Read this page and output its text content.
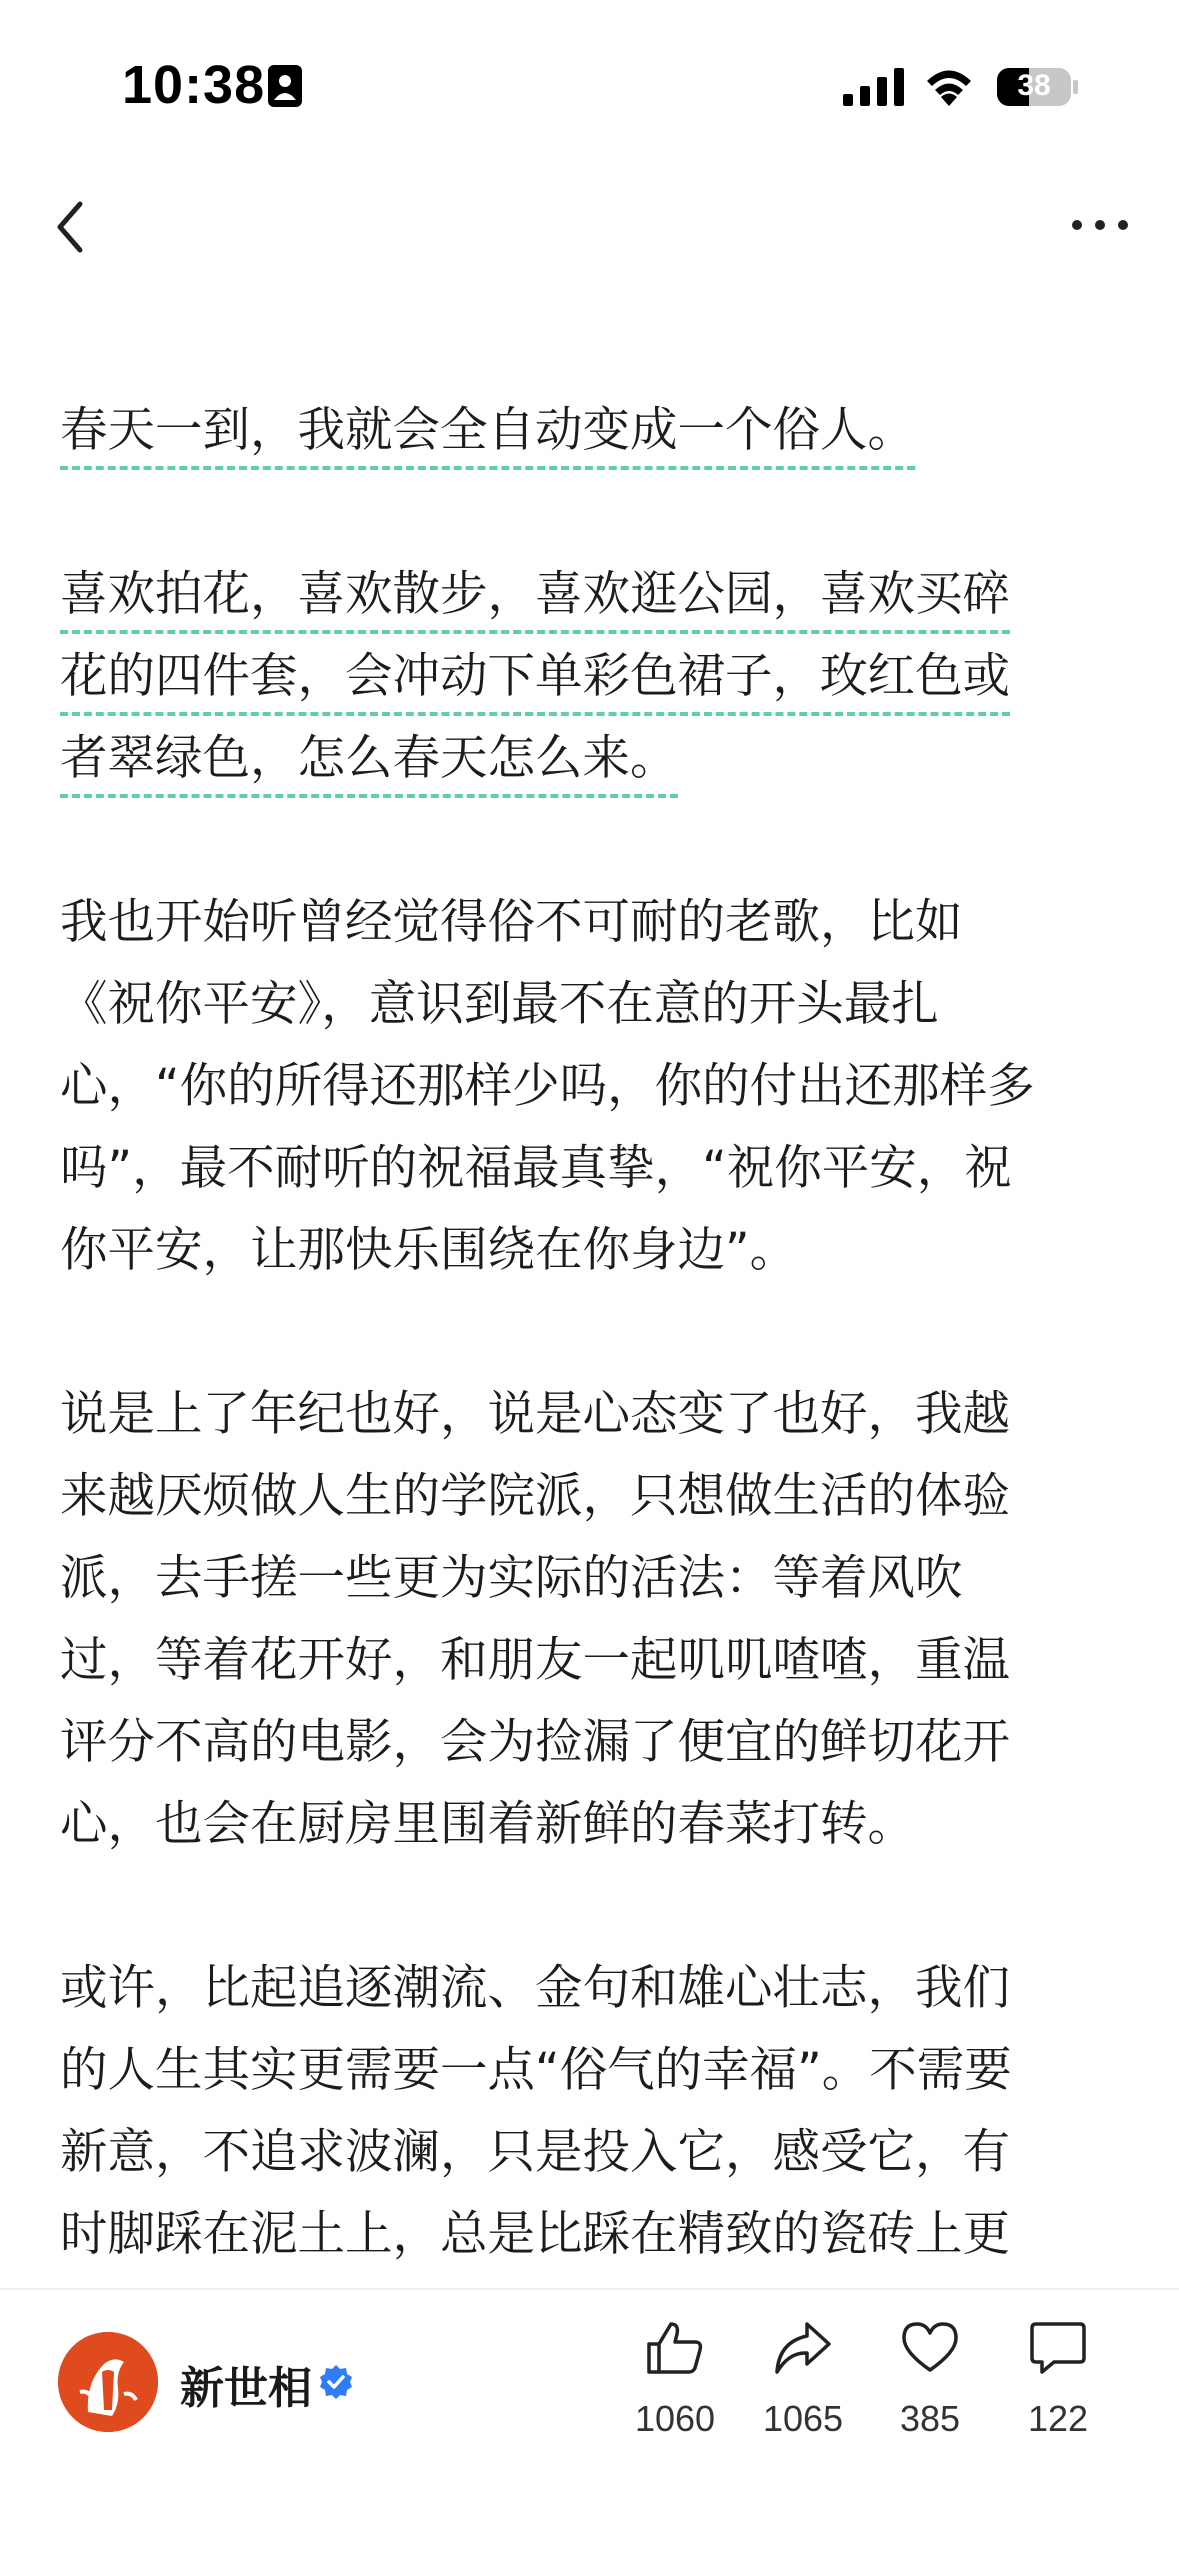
10:38	38
春天一到，我就会全自动变成一个俗人。
喜欢拍花，喜欢散步，喜欢逛公园，喜欢买碎
花的四件套，会冲动下单彩色裙子，玫红色或
者翠绿色，怎么春天怎么来。
我也开始听曾经觉得俗不可耐的老歌，比如
《祝你平安》，意识到最不在意的开头最扎
心，“你的所得还那样少吗，你的付出还那样多
吗”，最不耐听的祝福最真挚，“祝你平安，祝
你平安，让那快乐围绕在你身边”。
说是上了年纪也好，说是心态变了也好，我越
来越厌烦做人生的学院派，只想做生活的体验
派，去手搓一些更为实际的活法：等着风吹
过，等着花开好，和朋友一起叽叽喳喳，重温
评分不高的电影，会为捡漏了便宜的鲜切花开
心，也会在厨房里围着新鲜的春菜打转。
或许，比起追逐潮流、金句和雄心壮志，我们
的人生其实更需要一点“俗气的幸福”。不需要
新意，不追求波澜，只是投入它，感受它，有
时脚踩在泥土上，总是比踩在精致的瓷砖上更

新世相
1060	1065	385	122
